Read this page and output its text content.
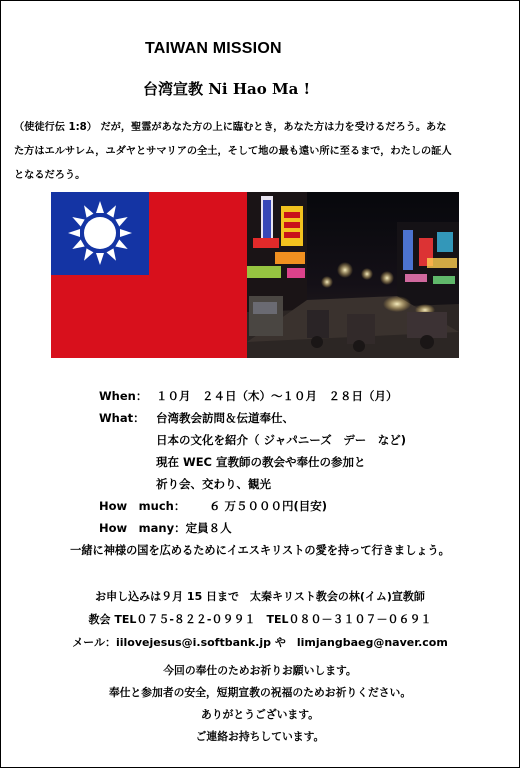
TAIWAN MISSION
台湾宣教 Ni Hao Ma !
（使徒行伝 1:8） だが，聖霊があなた方の上に臨むとき，あなた方は力を受けるだろう。あな
た方はエルサレム，ユダヤとサマリアの全土，そして地の最も遠い所に至るまで，わたしの証人
となるだろう。
When： １０月　２４日（木）～１０月　２８日（月）
What： 台湾教会訪問＆伝道奉仕、
日本の文化を紹介（ ジャパニーズ　デー　など)
現在 WEC 宣教師の教会や奉仕の参加と
祈り会、交わり、観光
How　much： ６ 万５０００円(目安)
How　many：定員８人
一緒に神様の国を広めるためにイエスキリストの愛を持って行きましょう。
お申し込みは９月 15 日まで　太秦キリスト教会の林(イム)宣教師
教会 TEL０７５-８２２-０９９１　TEL０８０－３１０７－０６９１
メール：iilovejesus@i.softbank.jp や　limjangbaeg@naver.com
今回の奉仕のためお祈りお願いします。
奉仕と参加者の安全，短期宣教の祝福のためお祈りください。
ありがとうございます。
ご連絡お持ちしています。
